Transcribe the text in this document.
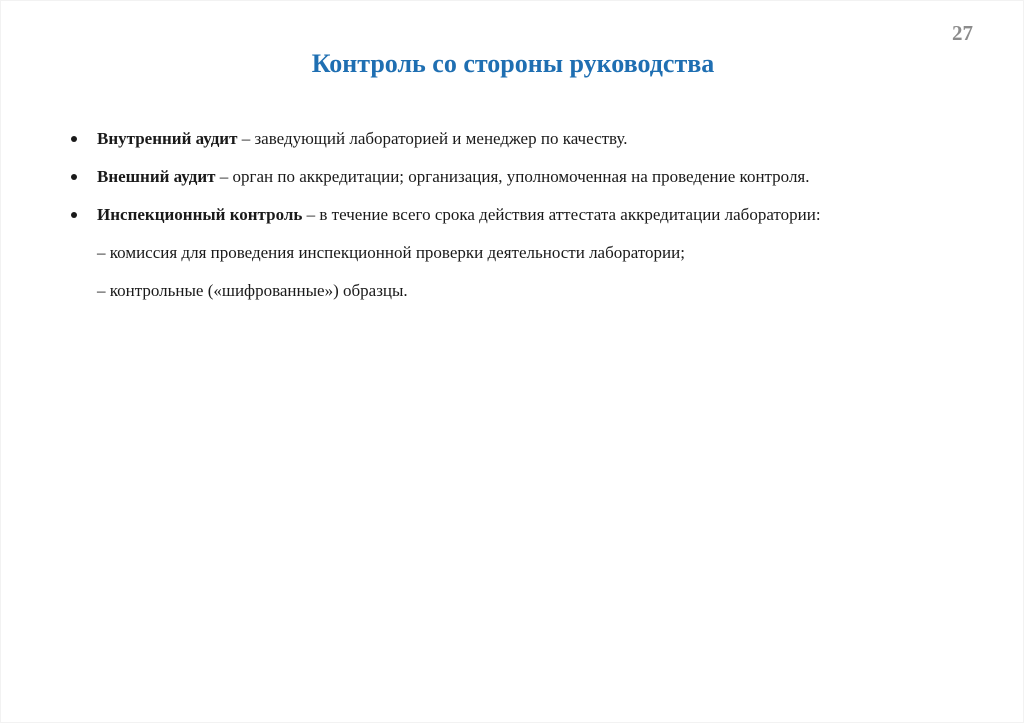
27
Контроль со стороны руководства
Внутренний аудит – заведующий лабораторией и менеджер по качеству.
Внешний аудит – орган по аккредитации; организация, уполномоченная на проведение контроля.
Инспекционный контроль – в течение всего срока действия аттестата аккредитации лаборатории:
– комиссия для проведения инспекционной проверки деятельности лаборатории;
– контрольные («шифрованные») образцы.
